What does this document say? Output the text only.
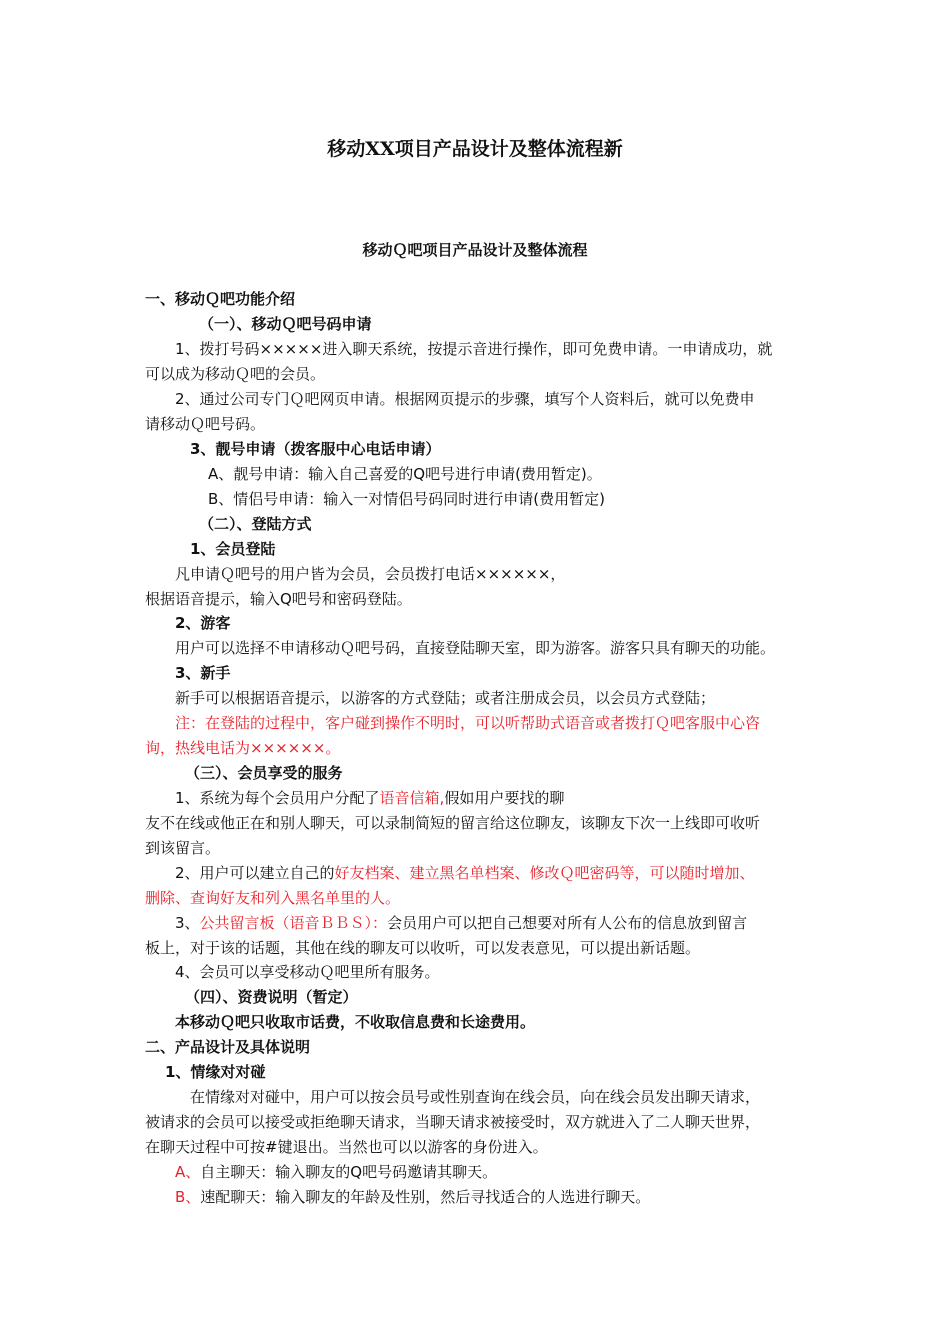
移动XX项目产品设计及整体流程新
移动Ｑ吧项目产品设计及整体流程
一、移动Ｑ吧功能介绍
（一）、移动Ｑ吧号码申请
1、拨打号码×××××进入聊天系统，按提示音进行操作，即可免费申请。一申请成功，就
可以成为移动Ｑ吧的会员。
2、通过公司专门Ｑ吧网页申请。根据网页提示的步骤，填写个人资料后，就可以免费申
请移动Ｑ吧号码。
3、靓号申请（拨客服中心电话申请）
A、靓号申请：输入自己喜爱的Q吧号进行申请(费用暂定)。
B、情侣号申请：输入一对情侣号码同时进行申请(费用暂定)
（二）、登陆方式
1、会员登陆
凡申请Ｑ吧号的用户皆为会员，会员拨打电话××××××，
根据语音提示，输入Q吧号和密码登陆。
2、游客
用户可以选择不申请移动Ｑ吧号码，直接登陆聊天室，即为游客。游客只具有聊天的功能。
3、新手
新手可以根据语音提示，以游客的方式登陆；或者注册成会员，以会员方式登陆；
注：在登陆的过程中，客户碰到操作不明时，可以听帮助式语音或者拨打Ｑ吧客服中心咨
询，热线电话为××××××。
（三）、会员享受的服务
1、系统为每个会员用户分配了语音信箱,假如用户要找的聊
友不在线或他正在和别人聊天，可以录制简短的留言给这位聊友，该聊友下次一上线即可收听
到该留言。
2、用户可以建立自己的好友档案、建立黑名单档案、修改Ｑ吧密码等，可以随时增加、
删除、查询好友和列入黑名单里的人。
3、公共留言板（语音ＢＢＳ）：会员用户可以把自己想要对所有人公布的信息放到留言
板上，对于该的话题，其他在线的聊友可以收听，可以发表意见，可以提出新话题。
4、会员可以享受移动Ｑ吧里所有服务。
（四）、资费说明（暂定）
本移动Ｑ吧只收取市话费，不收取信息费和长途费用。
二、产品设计及具体说明
1、情缘对对碰
在情缘对对碰中，用户可以按会员号或性别查询在线会员，向在线会员发出聊天请求，
被请求的会员可以接受或拒绝聊天请求，当聊天请求被接受时，双方就进入了二人聊天世界，
在聊天过程中可按#键退出。当然也可以以游客的身份进入。
A、自主聊天：输入聊友的Q吧号码邀请其聊天。
B、速配聊天：输入聊友的年龄及性别，然后寻找适合的人选进行聊天。
